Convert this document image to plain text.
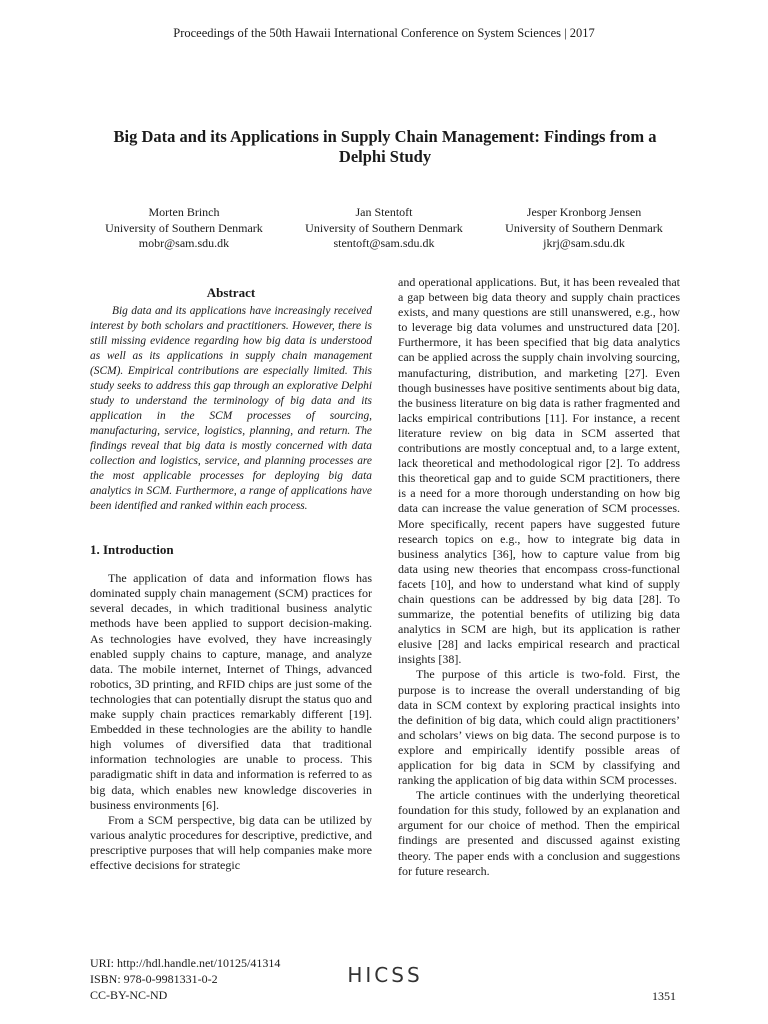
Proceedings of the 50th Hawaii International Conference on System Sciences | 2017
Big Data and its Applications in Supply Chain Management: Findings from a Delphi Study
Morten Brinch
University of Southern Denmark
mobr@sam.sdu.dk
Jan Stentoft
University of Southern Denmark
stentoft@sam.sdu.dk
Jesper Kronborg Jensen
University of Southern Denmark
jkrj@sam.sdu.dk
Abstract

Big data and its applications have increasingly received interest by both scholars and practitioners. However, there is still missing evidence regarding how big data is understood as well as its applications in supply chain management (SCM). Empirical contributions are especially limited. This study seeks to address this gap through an explorative Delphi study to understand the terminology of big data and its application in the SCM processes of sourcing, manufacturing, service, logistics, planning, and return. The findings reveal that big data is mostly concerned with data collection and logistics, service, and planning processes are the most applicable processes for deploying big data analytics in SCM. Furthermore, a range of applications have been identified and ranked within each process.

1. Introduction

The application of data and information flows has dominated supply chain management (SCM) practices for several decades, in which traditional business analytic methods have been applied to support decision-making. As technologies have evolved, they have increasingly enabled supply chains to capture, manage, and analyze data. The mobile internet, Internet of Things, advanced robotics, 3D printing, and RFID chips are just some of the technologies that can potentially disrupt the status quo and make supply chain practices remarkably different [19]. Embedded in these technologies are the ability to handle high volumes of diversified data that traditional information technologies are unable to process. This paradigmatic shift in data and information is referred to as big data, which enables new knowledge discoveries in business environments [6].

From a SCM perspective, big data can be utilized by various analytic procedures for descriptive, predictive, and prescriptive purposes that will help companies make more effective decisions for strategic

and operational applications. But, it has been revealed that a gap between big data theory and supply chain practices exists, and many questions are still unanswered, e.g., how to leverage big data volumes and unstructured data [20]. Furthermore, it has been specified that big data analytics can be applied across the supply chain involving sourcing, manufacturing, distribution, and marketing [27]. Even though businesses have positive sentiments about big data, the business literature on big data is rather fragmented and lacks empirical contributions [11]. For instance, a recent literature review on big data in SCM asserted that contributions are mostly conceptual and, to a large extent, lack theoretical and methodological rigor [2]. To address this theoretical gap and to guide SCM practitioners, there is a need for a more thorough understanding on how big data can increase the value generation of SCM processes. More specifically, recent papers have suggested future research topics on e.g., how to integrate big data in business analytics [36], how to capture value from big data using new theories that encompass cross-functional facets [10], and how to understand what kind of supply chain questions can be addressed by big data [28]. To summarize, the potential benefits of utilizing big data analytics in SCM are high, but its application is rather elusive [28] and lacks empirical research and practical insights [38].

The purpose of this article is two-fold. First, the purpose is to increase the overall understanding of big data in SCM context by exploring practical insights into the definition of big data, which could align practitioners’ and scholars’ views on big data. The second purpose is to explore and empirically identify possible areas of application for big data in SCM by classifying and ranking the application of big data within SCM processes.

The article continues with the underlying theoretical foundation for this study, followed by an explanation and argument for our choice of method. Then the empirical findings are presented and discussed against existing theory. The paper ends with a conclusion and suggestions for future research.

URI: http://hdl.handle.net/10125/41314
ISBN: 978-0-9981331-0-2
CC-BY-NC-ND
HICSS
1351
